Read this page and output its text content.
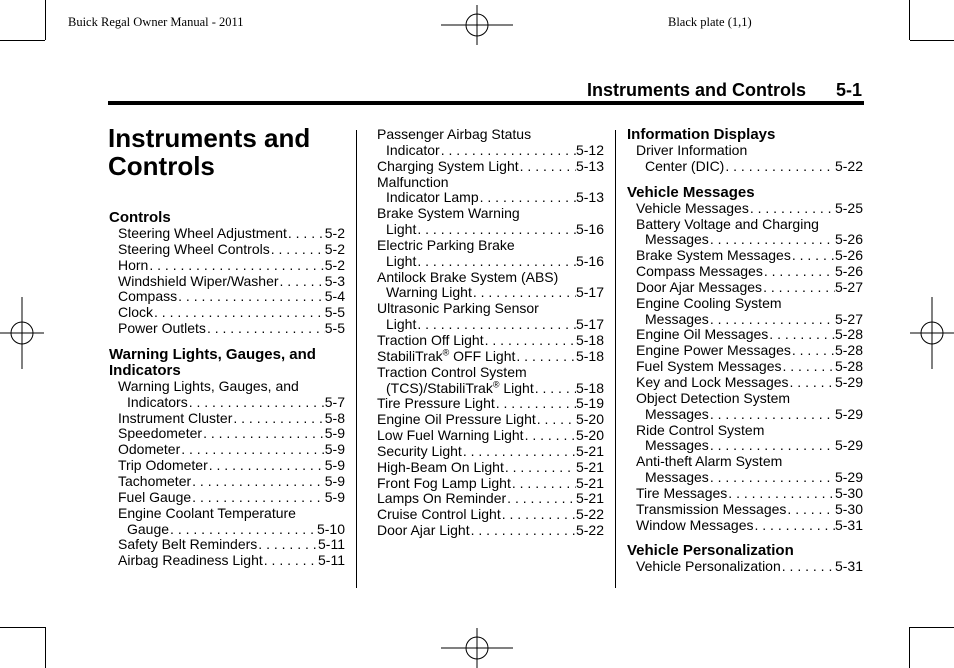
Buick Regal Owner Manual - 2011	Black plate (1,1)
Instruments and Controls 5-1
Instruments and Controls
Controls
Steering Wheel Adjustment . . .	5-2
Steering Wheel Controls . . .	5-2
Horn . . .	5-2
Windshield Wiper/Washer . . .	5-3
Compass . . .	5-4
Clock . . .	5-5
Power Outlets . . .	5-5
Warning Lights, Gauges, and Indicators
Warning Lights, Gauges, and
Indicators . . .	5-7
Instrument Cluster . . .	5-8
Speedometer . . .	5-9
Odometer . . .	5-9
Trip Odometer . . .	5-9
Tachometer . . .	5-9
Fuel Gauge . . .	5-9
Engine Coolant Temperature
Gauge . . .	5-10
Safety Belt Reminders . . .	5-11
Airbag Readiness Light . . .	5-11
Passenger Airbag Status
Indicator . . .	5-12
Charging System Light . . .	5-13
Malfunction
Indicator Lamp . . .	5-13
Brake System Warning
Light . . .	5-16
Electric Parking Brake
Light . . .	5-16
Antilock Brake System (ABS)
Warning Light . . .	5-17
Ultrasonic Parking Sensor
Light . . .	5-17
Traction Off Light . . .	5-18
StabiliTrak® OFF Light . . .	5-18
Traction Control System
(TCS)/StabiliTrak® Light . . .	5-18
Tire Pressure Light . . .	5-19
Engine Oil Pressure Light . . .	5-20
Low Fuel Warning Light . . .	5-20
Security Light . . .	5-21
High-Beam On Light . . .	5-21
Front Fog Lamp Light . . .	5-21
Lamps On Reminder . . .	5-21
Cruise Control Light . . .	5-22
Door Ajar Light . . .	5-22
Information Displays
Driver Information
Center (DIC) . . .	5-22
Vehicle Messages
Vehicle Messages . . .	5-25
Battery Voltage and Charging
Messages . . .	5-26
Brake System Messages . . .	5-26
Compass Messages . . .	5-26
Door Ajar Messages . . .	5-27
Engine Cooling System
Messages . . .	5-27
Engine Oil Messages . . .	5-28
Engine Power Messages . . .	5-28
Fuel System Messages . . .	5-28
Key and Lock Messages . . .	5-29
Object Detection System
Messages . . .	5-29
Ride Control System
Messages . . .	5-29
Anti-theft Alarm System
Messages . . .	5-29
Tire Messages . . .	5-30
Transmission Messages . . .	5-30
Window Messages . . .	5-31
Vehicle Personalization
Vehicle Personalization . . .	5-31
